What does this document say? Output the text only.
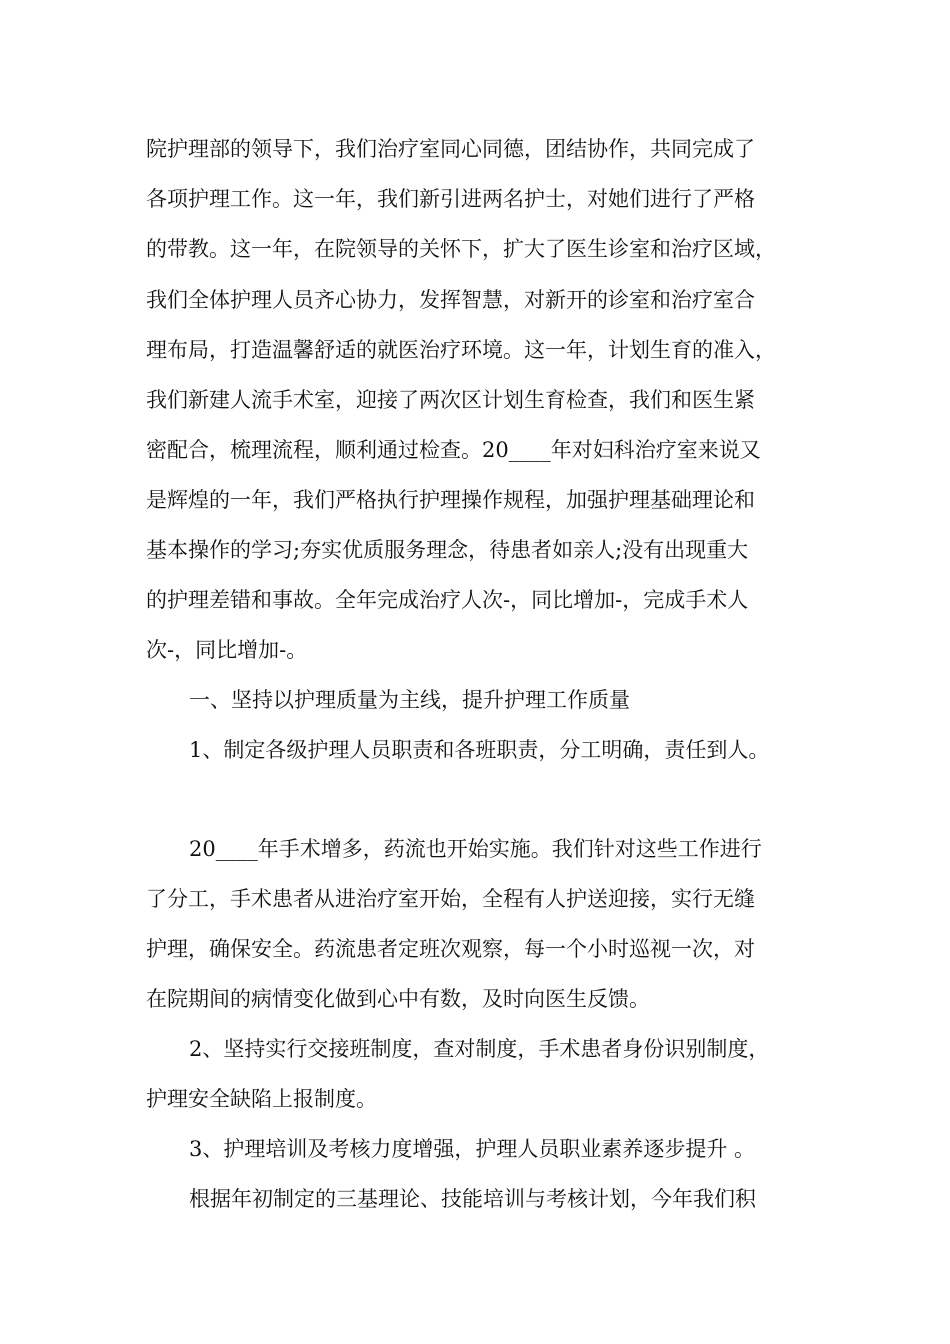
院护理部的领导下，我们治疗室同心同德，团结协作，共同完成了
各项护理工作。这一年，我们新引进两名护士，对她们进行了严格
的带教。这一年，在院领导的关怀下，扩大了医生诊室和治疗区域，
我们全体护理人员齐心协力，发挥智慧，对新开的诊室和治疗室合
理布局，打造温馨舒适的就医治疗环境。这一年，计划生育的准入，
我们新建人流手术室，迎接了两次区计划生育检查，我们和医生紧
密配合，梳理流程，顺利通过检查。20____年对妇科治疗室来说又
是辉煌的一年，我们严格执行护理操作规程，加强护理基础理论和
基本操作的学习;夯实优质服务理念，待患者如亲人;没有出现重大
的护理差错和事故。全年完成治疗人次-，同比增加-，完成手术人
次-，同比增加-。
一、坚持以护理质量为主线，提升护理工作质量
1、制定各级护理人员职责和各班职责，分工明确，责任到人。
20____年手术增多，药流也开始实施。我们针对这些工作进行
了分工，手术患者从进治疗室开始，全程有人护送迎接，实行无缝
护理，确保安全。药流患者定班次观察，每一个小时巡视一次，对
在院期间的病情变化做到心中有数，及时向医生反馈。
2、坚持实行交接班制度，查对制度，手术患者身份识别制度，
护理安全缺陷上报制度。
3、护理培训及考核力度增强，护理人员职业素养逐步提升 。
根据年初制定的三基理论、技能培训与考核计划，今年我们积
